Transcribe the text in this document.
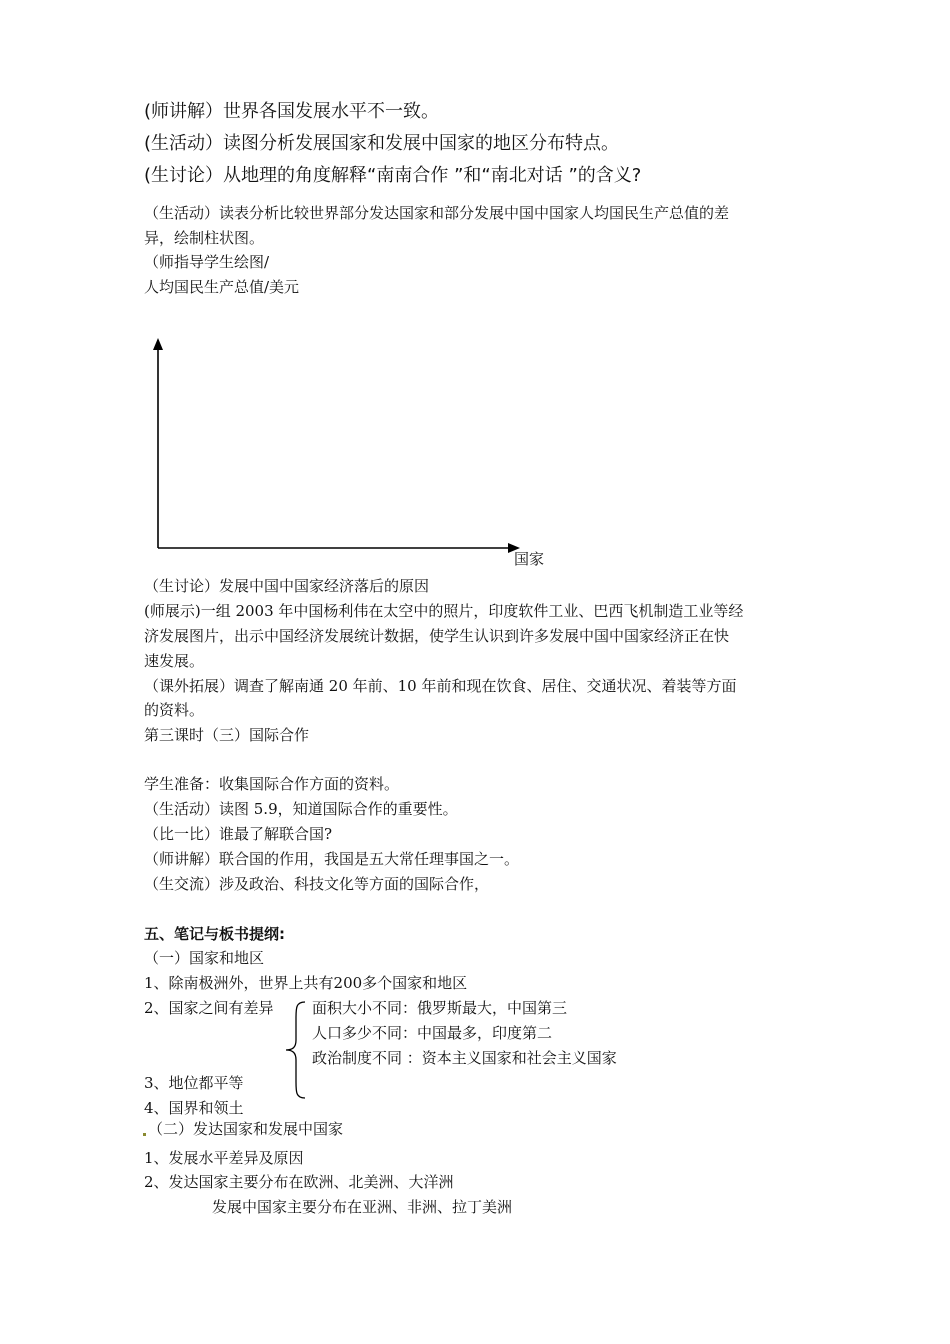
(师讲解）世界各国发展水平不一致。
(生活动）读图分析发展国家和发展中国家的地区分布特点。
(生讨论）从地理的角度解释“南南合作 ”和“南北对话 ”的含义?
（生活动）读表分析比较世界部分发达国家和部分发展中国中国家人均国民生产总值的差
异，绘制柱状图。
（师指导学生绘图/
人均国民生产总值/美元
国家
（生讨论）发展中国中国家经济落后的原因
(师展示)一组 2003 年中国杨利伟在太空中的照片，印度软件工业、巴西飞机制造工业等经
济发展图片，出示中国经济发展统计数据，使学生认识到许多发展中国中国家经济正在快
速发展。
（课外拓展）调查了解南通 20 年前、10 年前和现在饮食、居住、交通状况、着装等方面
的资料。
第三课时（三）国际合作
学生准备：收集国际合作方面的资料。
（生活动）读图 5.9，知道国际合作的重要性。
（比一比）谁最了解联合国?
（师讲解）联合国的作用，我国是五大常任理事国之一。
（生交流）涉及政治、科技文化等方面的国际合作，
五、笔记与板书提纲:
（一）国家和地区
1、除南极洲外，世界上共有200多个国家和地区
2、国家之间有差异	面积大小不同：俄罗斯最大，中国第三
人口多少不同：中国最多，印度第二
政治制度不同 ：资本主义国家和社会主义国家
3、地位都平等
4、国界和领土
（二）发达国家和发展中国家
1、发展水平差异及原因
2、发达国家主要分布在欧洲、北美洲、大洋洲
发展中国家主要分布在亚洲、非洲、拉丁美洲
